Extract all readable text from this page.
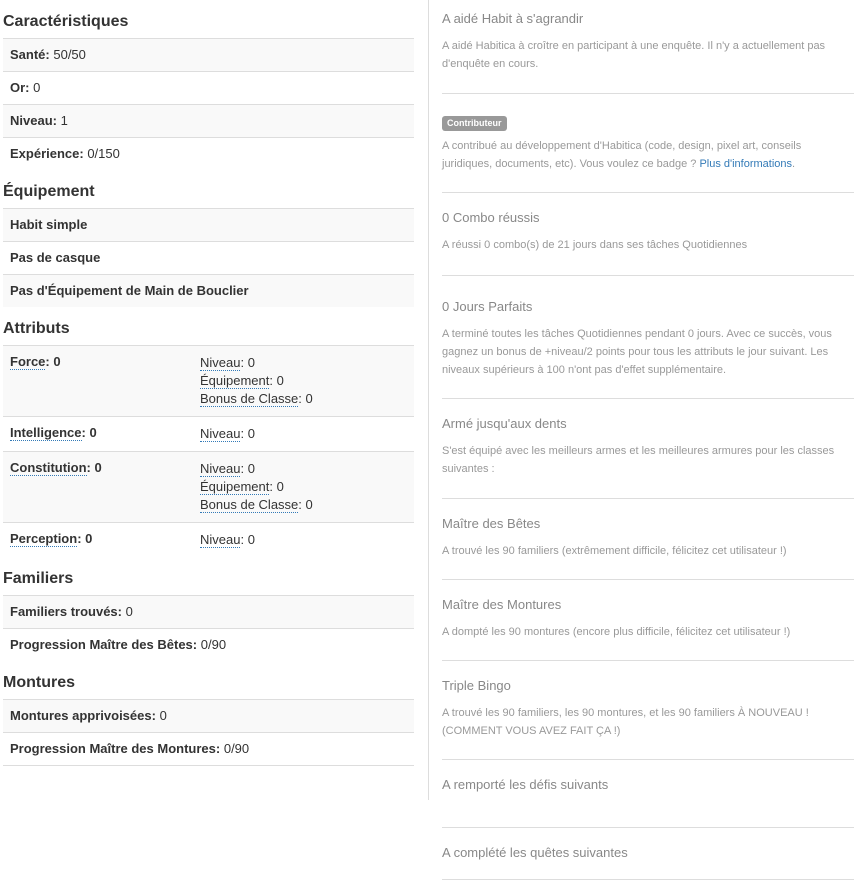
Caractéristiques
Santé:
50/50
Or:
0
Niveau:
1
Expérience:
0/150
Équipement
Habit simple
Pas de casque
Pas d'Équipement de Main de Bouclier
Attributs
Force: 0	Niveau: 0
Équipement: 0
Bonus de Classe: 0
Intelligence: 0	Niveau: 0
Constitution: 0	Niveau: 0
Équipement: 0
Bonus de Classe: 0
Perception: 0	Niveau: 0
Familiers
Familiers trouvés:
0
Progression Maître des Bêtes:
0/90
Montures
Montures apprivoisées:
0
Progression Maître des Montures:
0/90
A aidé Habit à s'agrandir
A aidé Habitica à croître en participant à une enquête. Il n'y a actuellement pas d'enquête en cours.
Contributeur
A contribué au développement d'Habitica (code, design, pixel art, conseils juridiques, documents, etc). Vous voulez ce badge ? Plus d'informations.
0 Combo réussis
A réussi 0 combo(s) de 21 jours dans ses tâches Quotidiennes
0 Jours Parfaits
A terminé toutes les tâches Quotidiennes pendant 0 jours. Avec ce succès, vous gagnez un bonus de +niveau/2 points pour tous les attributs le jour suivant. Les niveaux supérieurs à 100 n'ont pas d'effet supplémentaire.
Armé jusqu'aux dents
S'est équipé avec les meilleurs armes et les meilleures armures pour les classes suivantes :
Maître des Bêtes
A trouvé les 90 familiers (extrêmement difficile, félicitez cet utilisateur !)
Maître des Montures
A dompté les 90 montures (encore plus difficile, félicitez cet utilisateur !)
Triple Bingo
A trouvé les 90 familiers, les 90 montures, et les 90 familiers À NOUVEAU ! (COMMENT VOUS AVEZ FAIT ÇA !)
A remporté les défis suivants
A complété les quêtes suivantes
